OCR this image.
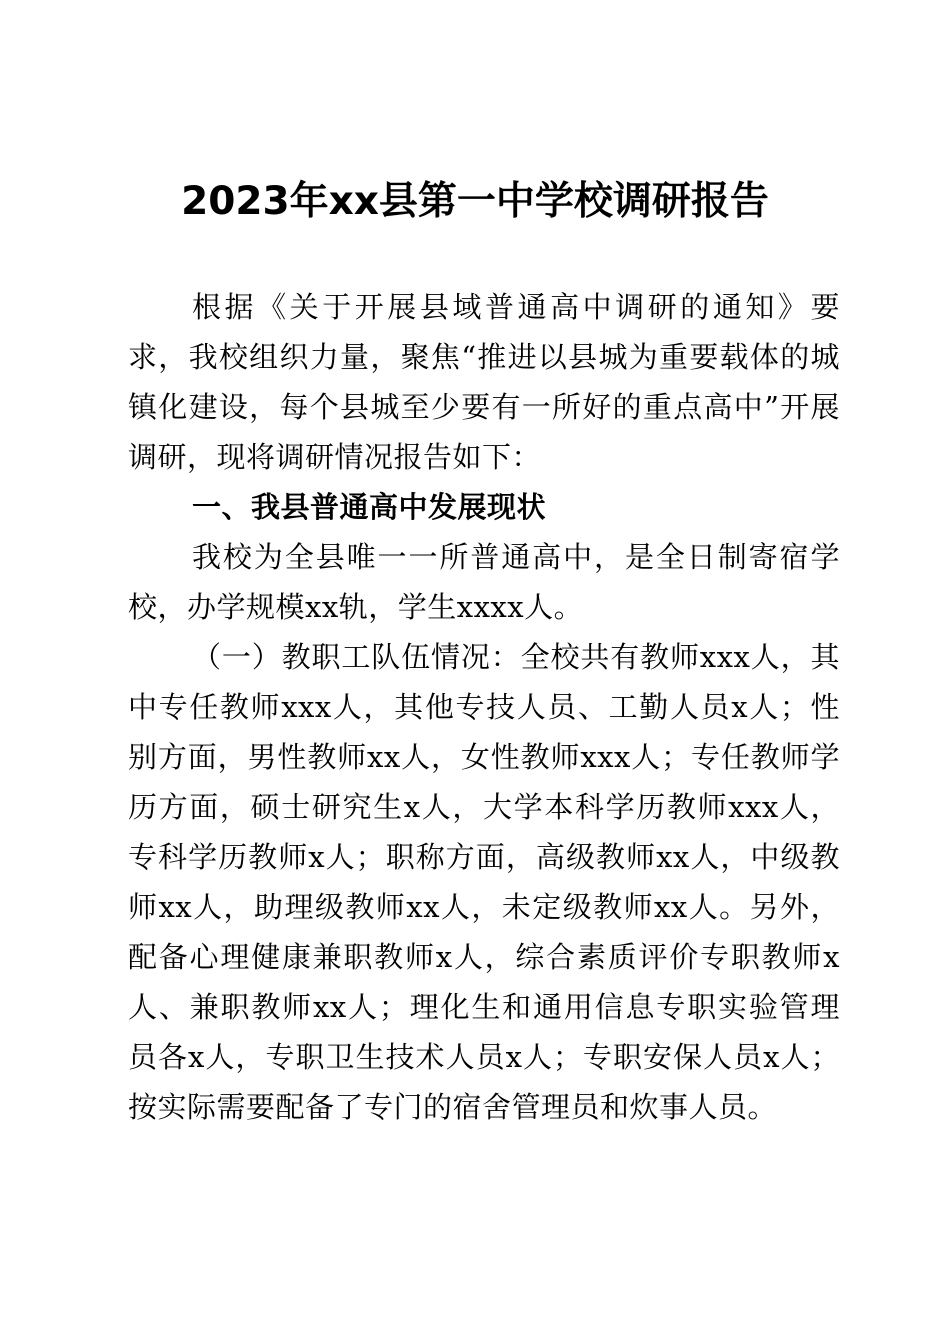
2023年xx县第一中学校调研报告

根据《关于开展县域普通高中调研的通知》要求，我校组织力量，聚焦“推进以县城为重要载体的城镇化建设，每个县城至少要有一所好的重点高中”开展调研，现将调研情况报告如下：

一、我县普通高中发展现状

我校为全县唯一一所普通高中，是全日制寄宿学校，办学规模xx轨，学生xxxx人。

（一）教职工队伍情况：全校共有教师xxx人，其中专任教师xxx人，其他专技人员、工勤人员x人；性别方面，男性教师xx人，女性教师xxx人；专任教师学历方面，硕士研究生x人，大学本科学历教师xxx人，专科学历教师x人；职称方面，高级教师xx人，中级教师xx人，助理级教师xx人，未定级教师xx人。另外，配备心理健康兼职教师x人，综合素质评价专职教师x人、兼职教师xx人；理化生和通用信息专职实验管理员各x人，专职卫生技术人员x人；专职安保人员x人；按实际需要配备了专门的宿舍管理员和炊事人员。
